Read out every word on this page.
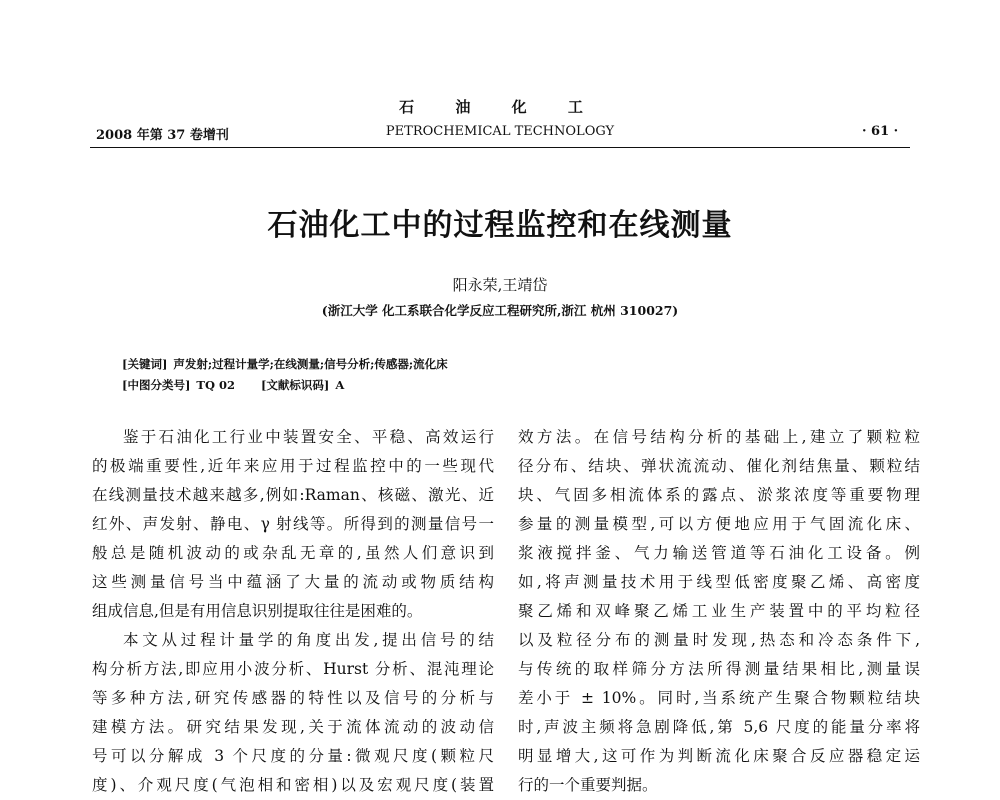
石 油 化 工
2008 年第 37 卷增刊	PETROCHEMICAL TECHNOLOGY	· 61 ·
石油化工中的过程监控和在线测量
阳永荣,王靖岱
(浙江大学 化工系联合化学反应工程研究所,浙江 杭州 310027)
[关键词] 声发射;过程计量学;在线测量;信号分析;传感器;流化床
[中图分类号] TQ 02 [文献标识码] A
鉴于石油化工行业中装置安全、平稳、高效运行
的极端重要性,近年来应用于过程监控中的一些现代
在线测量技术越来越多,例如:Raman、核磁、激光、近
红外、声发射、静电、γ 射线等。所得到的测量信号一
般总是随机波动的或杂乱无章的,虽然人们意识到
这些测量信号当中蕴涵了大量的流动或物质结构
组成信息,但是有用信息识别提取往往是困难的。
本文从过程计量学的角度出发,提出信号的结
构分析方法,即应用小波分析、Hurst 分析、混沌理论
等多种方法,研究传感器的特性以及信号的分析与
建模方法。研究结果发现,关于流体流动的波动信
号可以分解成 3 个尺度的分量:微观尺度(颗粒尺
度)、介观尺度(气泡相和密相)以及宏观尺度(装置
效方法。在信号结构分析的基础上,建立了颗粒粒
径分布、结块、弹状流流动、催化剂结焦量、颗粒结
块、气固多相流体系的露点、淤浆浓度等重要物理
参量的测量模型,可以方便地应用于气固流化床、
浆液搅拌釜、气力输送管道等石油化工设备。例
如,将声测量技术用于线型低密度聚乙烯、高密度
聚乙烯和双峰聚乙烯工业生产装置中的平均粒径
以及粒径分布的测量时发现,热态和冷态条件下,
与传统的取样筛分方法所得测量结果相比,测量误
差小于 ± 10%。同时,当系统产生聚合物颗粒结块
时,声波主频将急剧降低,第 5,6 尺度的能量分率将
明显增大,这可作为判断流化床聚合反应器稳定运
行的一个重要判据。
